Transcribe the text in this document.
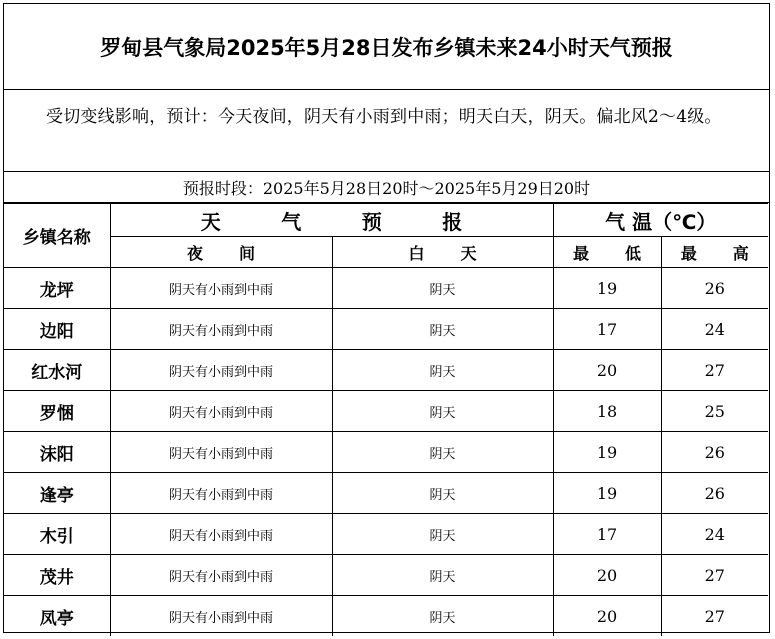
罗甸县气象局2025年5月28日发布乡镇未来24小时天气预报
受切变线影响，预计：今天夜间，阴天有小雨到中雨；明天白天，阴天。偏北风2～4级。
预报时段：2025年5月28日20时～2025年5月29日20时
乡镇名称	天 气 预 报		气 温（℃）	

	夜 间	白 天	最 低	最 高

龙坪	阴天有小雨到中雨	阴天	19	26
边阳	阴天有小雨到中雨	阴天	17	24
红水河	阴天有小雨到中雨	阴天	20	27
罗悃	阴天有小雨到中雨	阴天	18	25
沫阳	阴天有小雨到中雨	阴天	19	26
逢亭	阴天有小雨到中雨	阴天	19	26
木引	阴天有小雨到中雨	阴天	17	24
茂井	阴天有小雨到中雨	阴天	20	27
凤亭	阴天有小雨到中雨	阴天	20	27
